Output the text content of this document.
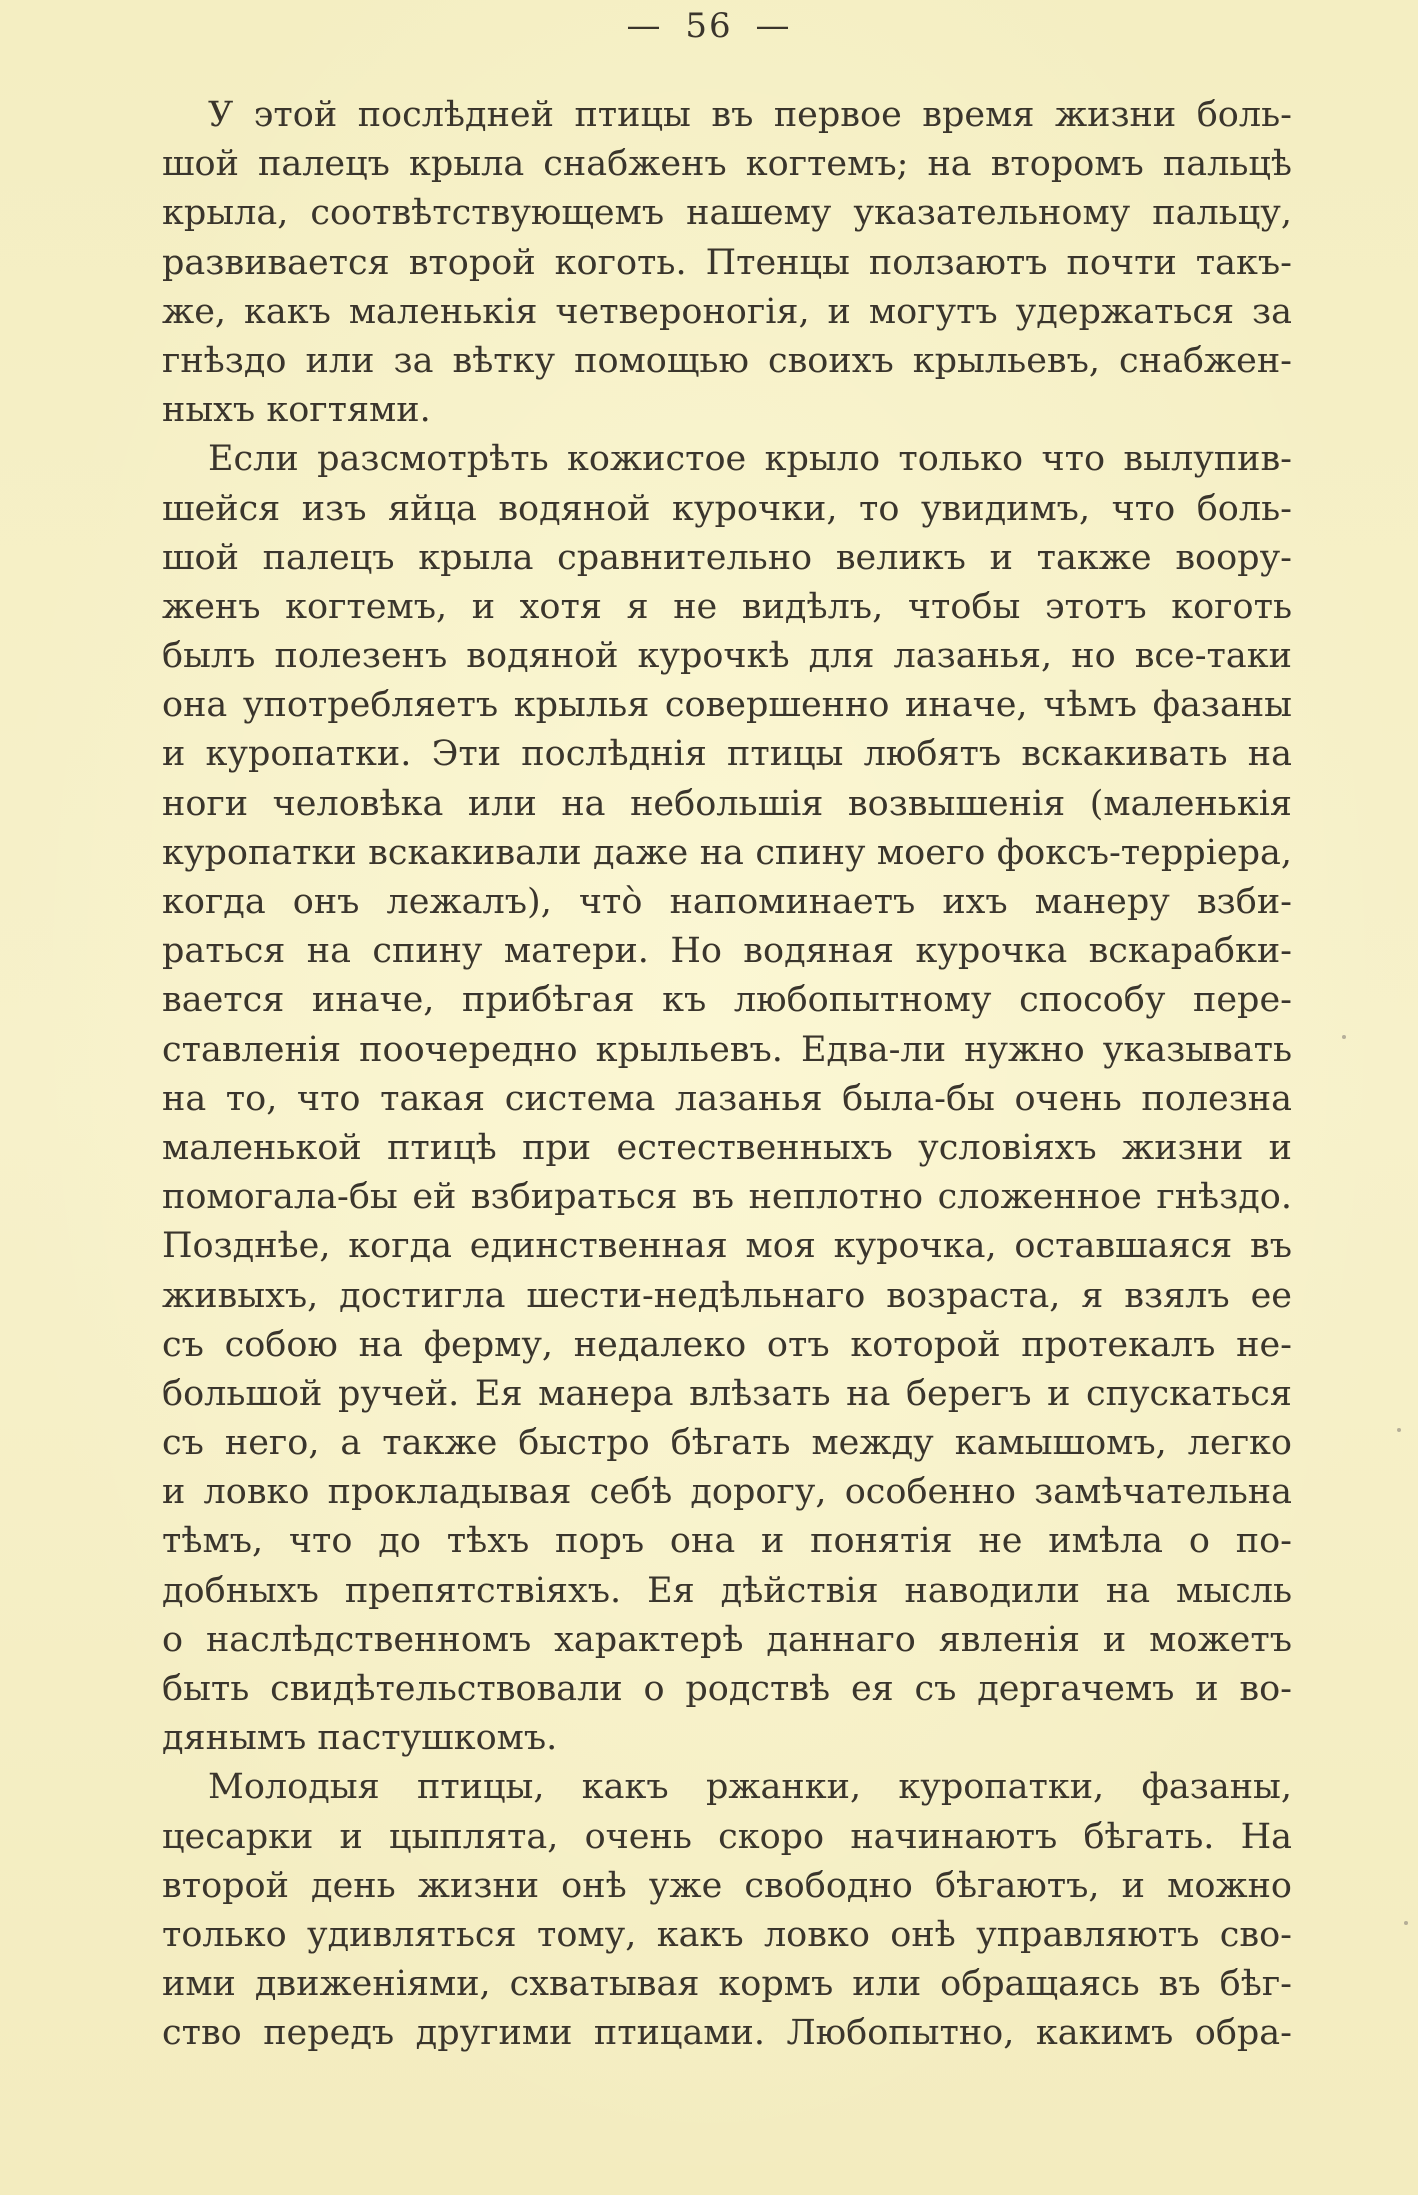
— 56 —
У этой послѣдней птицы въ первое время жизни боль-
шой палецъ крыла снабженъ когтемъ; на второмъ пальцѣ
крыла, соотвѣтствующемъ нашему указательному пальцу,
развивается второй коготь. Птенцы ползаютъ почти такъ-
же, какъ маленькія четвероногія, и могутъ удержаться за
гнѣздо или за вѣтку помощью своихъ крыльевъ, снабжен-
ныхъ когтями.
Если разсмотрѣть кожистое крыло только что вылупив-
шейся изъ яйца водяной курочки, то увидимъ, что боль-
шой палецъ крыла сравнительно великъ и также воору-
женъ когтемъ, и хотя я не видѣлъ, чтобы этотъ коготь
былъ полезенъ водяной курочкѣ для лазанья, но все-таки
она употребляетъ крылья совершенно иначе, чѣмъ фазаны
и куропатки. Эти послѣднія птицы любятъ вскакивать на
ноги человѣка или на небольшія возвышенія (маленькія
куропатки вскакивали даже на спину моего фоксъ-терріера,
когда онъ лежалъ), что̀ напоминаетъ ихъ манеру взби-
раться на спину матери. Но водяная курочка вскарабки-
вается иначе, прибѣгая къ любопытному способу пере-
ставленія поочередно крыльевъ. Едва-ли нужно указывать
на то, что такая система лазанья была-бы очень полезна
маленькой птицѣ при естественныхъ условіяхъ жизни и
помогала-бы ей взбираться въ неплотно сложенное гнѣздо.
Позднѣе, когда единственная моя курочка, оставшаяся въ
живыхъ, достигла шести-недѣльнаго возраста, я взялъ ее
съ собою на ферму, недалеко отъ которой протекалъ не-
большой ручей. Ея манера влѣзать на берегъ и спускаться
съ него, а также быстро бѣгать между камышомъ, легко
и ловко прокладывая себѣ дорогу, особенно замѣчательна
тѣмъ, что до тѣхъ поръ она и понятія не имѣла о по-
добныхъ препятствіяхъ. Ея дѣйствія наводили на мысль
о наслѣдственномъ характерѣ даннаго явленія и можетъ
быть свидѣтельствовали о родствѣ ея съ дергачемъ и во-
дянымъ пастушкомъ.
Молодыя птицы, какъ ржанки, куропатки, фазаны,
цесарки и цыплята, очень скоро начинаютъ бѣгать. На
второй день жизни онѣ уже свободно бѣгаютъ, и можно
только удивляться тому, какъ ловко онѣ управляютъ сво-
ими движеніями, схватывая кормъ или обращаясь въ бѣг-
ство передъ другими птицами. Любопытно, какимъ обра-
